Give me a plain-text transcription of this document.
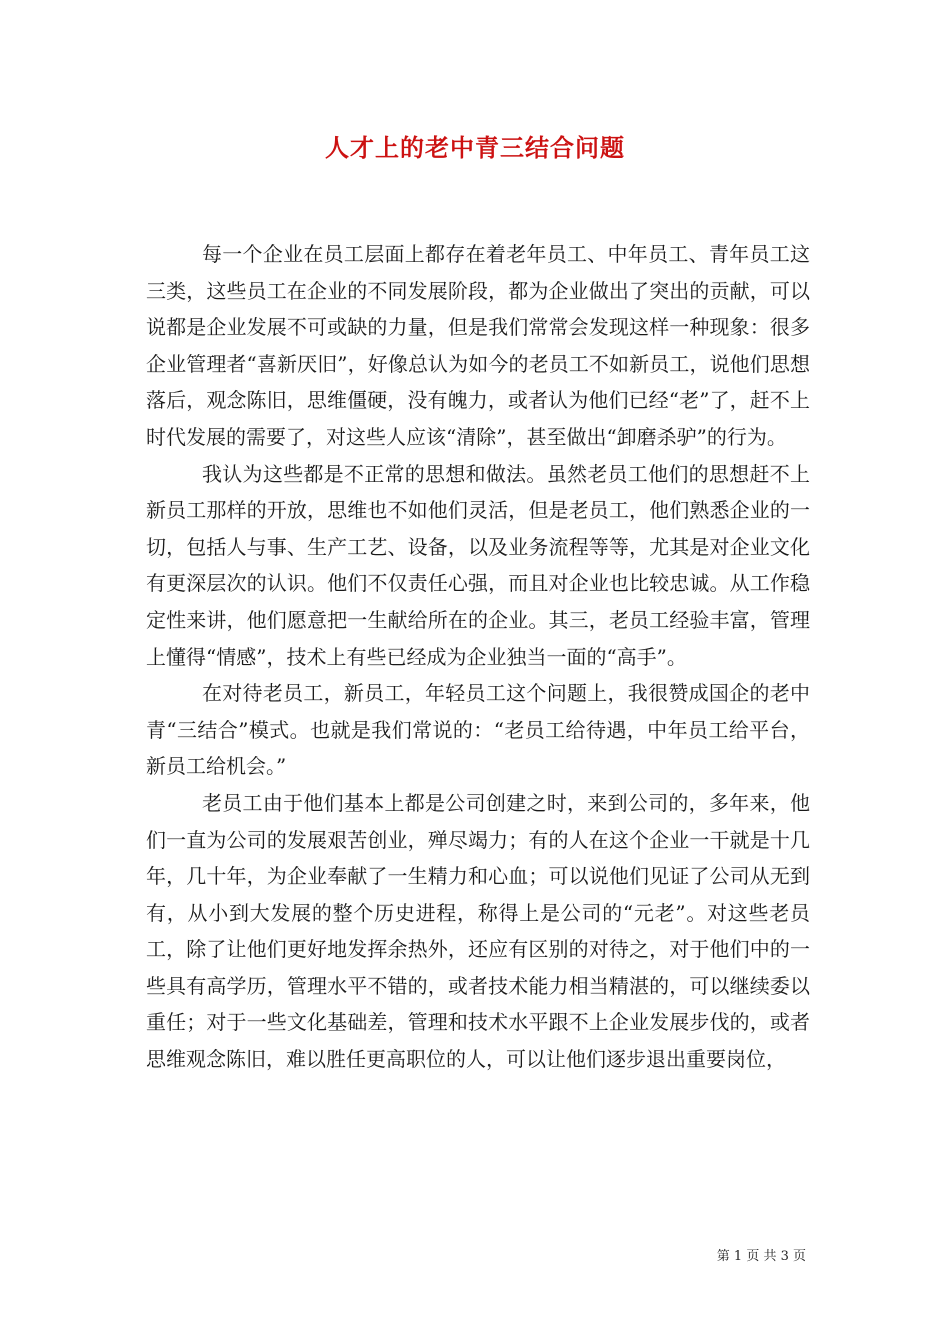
人才上的老中青三结合问题

每一个企业在员工层面上都存在着老年员工、中年员工、青年员工这三类，这些员工在企业的不同发展阶段，都为企业做出了突出的贡献，可以说都是企业发展不可或缺的力量，但是我们常常会发现这样一种现象：很多企业管理者“喜新厌旧”，好像总认为如今的老员工不如新员工，说他们思想落后，观念陈旧，思维僵硬，没有魄力，或者认为他们已经“老”了，赶不上时代发展的需要了，对这些人应该“清除”，甚至做出“卸磨杀驴”的行为。

我认为这些都是不正常的思想和做法。虽然老员工他们的思想赶不上新员工那样的开放，思维也不如他们灵活，但是老员工，他们熟悉企业的一切，包括人与事、生产工艺、设备，以及业务流程等等，尤其是对企业文化有更深层次的认识。他们不仅责任心强，而且对企业也比较忠诚。从工作稳定性来讲，他们愿意把一生献给所在的企业。其三，老员工经验丰富，管理上懂得“情感”，技术上有些已经成为企业独当一面的“高手”。

在对待老员工，新员工，年轻员工这个问题上，我很赞成国企的老中青“三结合”模式。也就是我们常说的：“老员工给待遇，中年员工给平台，新员工给机会。”

老员工由于他们基本上都是公司创建之时，来到公司的，多年来，他们一直为公司的发展艰苦创业，殚尽竭力；有的人在这个企业一干就是十几年，几十年，为企业奉献了一生精力和心血；可以说他们见证了公司从无到有，从小到大发展的整个历史进程，称得上是公司的“元老”。对这些老员工，除了让他们更好地发挥余热外，还应有区别的对待之，对于他们中的一些具有高学历，管理水平不错的，或者技术能力相当精湛的，可以继续委以重任；对于一些文化基础差，管理和技术水平跟不上企业发展步伐的，或者思维观念陈旧，难以胜任更高职位的人，可以让他们逐步退出重要岗位，

第 1 页 共 3 页
